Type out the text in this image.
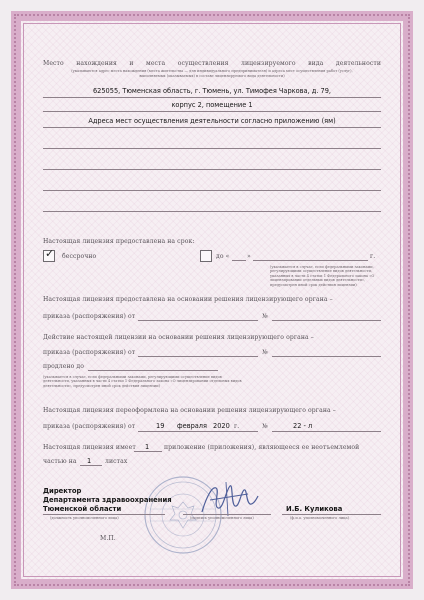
Место нахождения и места осуществления лицензируемого вида деятельности
(указываются адрес места нахождения (места жительства — для индивидуального предпринимателя) и адреса мест осуществления работ (услуг),
выполняемых (оказываемых) в составе лицензируемого вида деятельности)
625055, Тюменская область, г. Тюмень, ул. Тимофея Чаркова, д. 79,
корпус 2, помещение 1
Адреса мест осуществления деятельности согласно приложению (ям)
Настоящая лицензия предоставлена на срок:
✓ бессрочно	до «	»	г.
(указывается в случае, если федеральными законами, регулирующими осуществление видов деятельности, указанных в части 4 статьи 1 Федерального закона «О лицензировании отдельных видов деятельности», предусмотрен иной срок действия лицензии)
Настоящая лицензия предоставлена на основании решения лицензирующего органа –
приказа (распоряжения) от	№
Действие настоящей лицензии на основании решения лицензирующего органа –
приказа (распоряжения) от	№
продлено до
(указывается в случае, если федеральными законами, регулирующими осуществление видов деятельности, указанных в части 4 статьи 1 Федерального закона «О лицензировании отдельных видов деятельности», предусмотрен иной срок действия лицензии)
Настоящая лицензия переоформлена на основании решения лицензирующего органа –
приказа (распоряжения) от	19 февраля 2020 г.	№	22 - л
Настоящая лицензия имеет 1 приложение (приложения), являющееся ее неотъемлемой
частью на 1 листах
Директор
Департамента здравоохранения
Тюменской области
(должность уполномоченного лица)	(подпись уполномоченного лица)
И.Б. Куликова
(ф.и.о. уполномоченного лица)
М.П.
